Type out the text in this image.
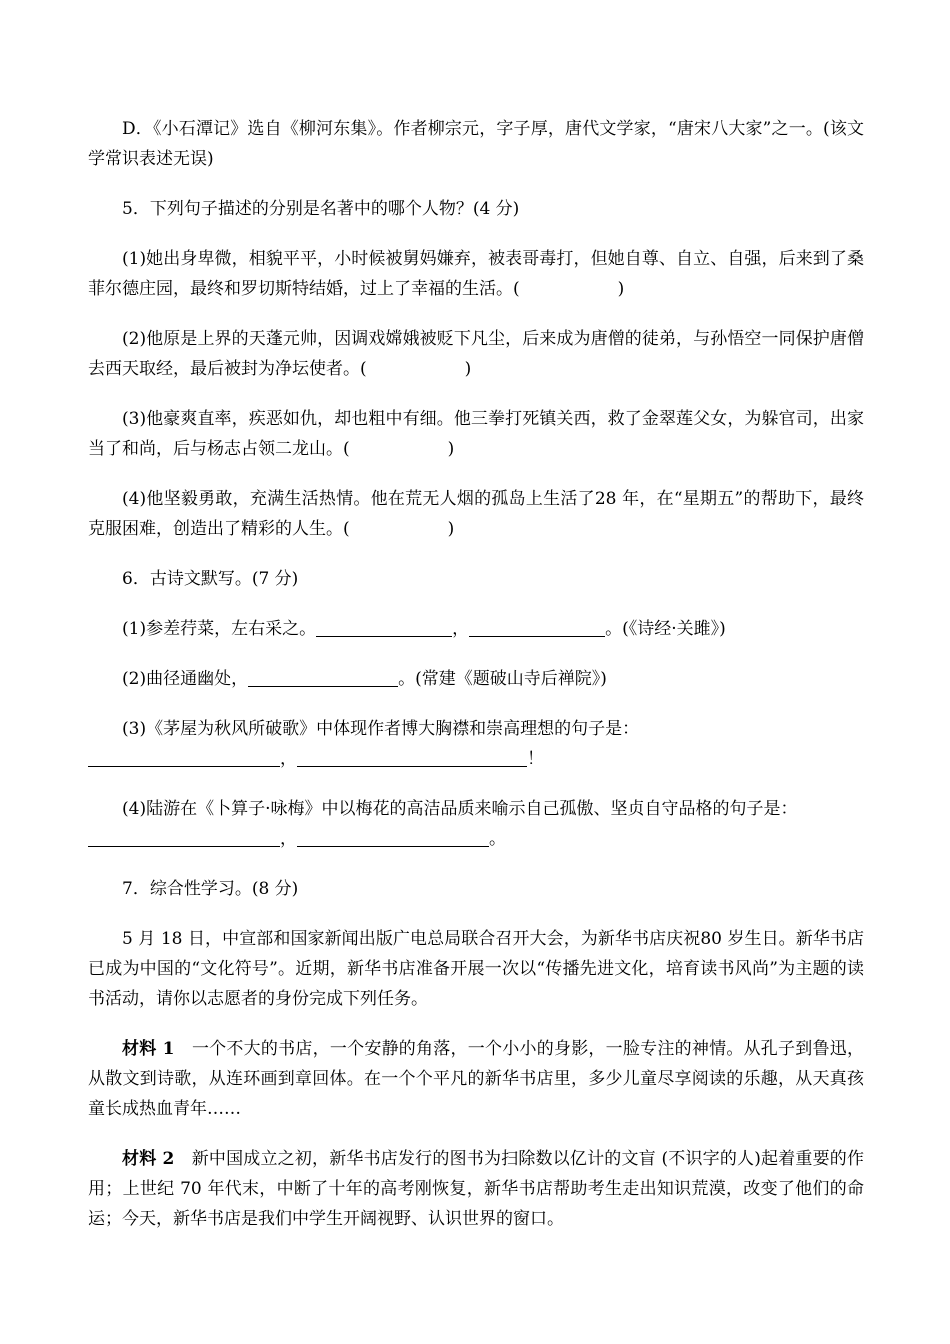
D．《小石潭记》选自《柳河东集》。作者柳宗元，字子厚，唐代文学家，“唐宋八大家”之一。(该文学常识表述无误)

5．下列句子描述的分别是名著中的哪个人物？(4 分)

(1)她出身卑微，相貌平平，小时候被舅妈嫌弃，被表哥毒打，但她自尊、自立、自强，后来到了桑菲尔德庄园，最终和罗切斯特结婚，过上了幸福的生活。(	)

(2)他原是上界的天蓬元帅，因调戏嫦娥被贬下凡尘，后来成为唐僧的徒弟，与孙悟空一同保护唐僧去西天取经，最后被封为净坛使者。(	)

(3)他豪爽直率，疾恶如仇，却也粗中有细。他三拳打死镇关西，救了金翠莲父女，为躲官司，出家当了和尚，后与杨志占领二龙山。(	)

(4)他坚毅勇敢，充满生活热情。他在荒无人烟的孤岛上生活了28 年，在“星期五”的帮助下，最终克服困难，创造出了精彩的人生。(	)

6．古诗文默写。(7 分)

(1)参差荇菜，左右采之。	，	。(《诗经·关雎》)

(2)曲径通幽处，	。(常建《题破山寺后禅院》)

(3)《茅屋为秋风所破歌》中体现作者博大胸襟和崇高理想的句子是：
，	！

(4)陆游在《卜算子·咏梅》中以梅花的高洁品质来喻示自己孤傲、坚贞自守品格的句子是：
，	。

7．综合性学习。(8 分)

5 月 18 日，中宣部和国家新闻出版广电总局联合召开大会，为新华书店庆祝80 岁生日。新华书店已成为中国的“文化符号”。近期，新华书店准备开展一次以“传播先进文化，培育读书风尚”为主题的读书活动，请你以志愿者的身份完成下列任务。

材料 1　一个不大的书店，一个安静的角落，一个小小的身影，一脸专注的神情。从孔子到鲁迅，从散文到诗歌，从连环画到章回体。在一个个平凡的新华书店里，多少儿童尽享阅读的乐趣，从天真孩童长成热血青年……

材料 2　新中国成立之初，新华书店发行的图书为扫除数以亿计的文盲 (不识字的人)起着重要的作用；上世纪 70 年代末，中断了十年的高考刚恢复，新华书店帮助考生走出知识荒漠，改变了他们的命运；今天，新华书店是我们中学生开阔视野、认识世界的窗口。
